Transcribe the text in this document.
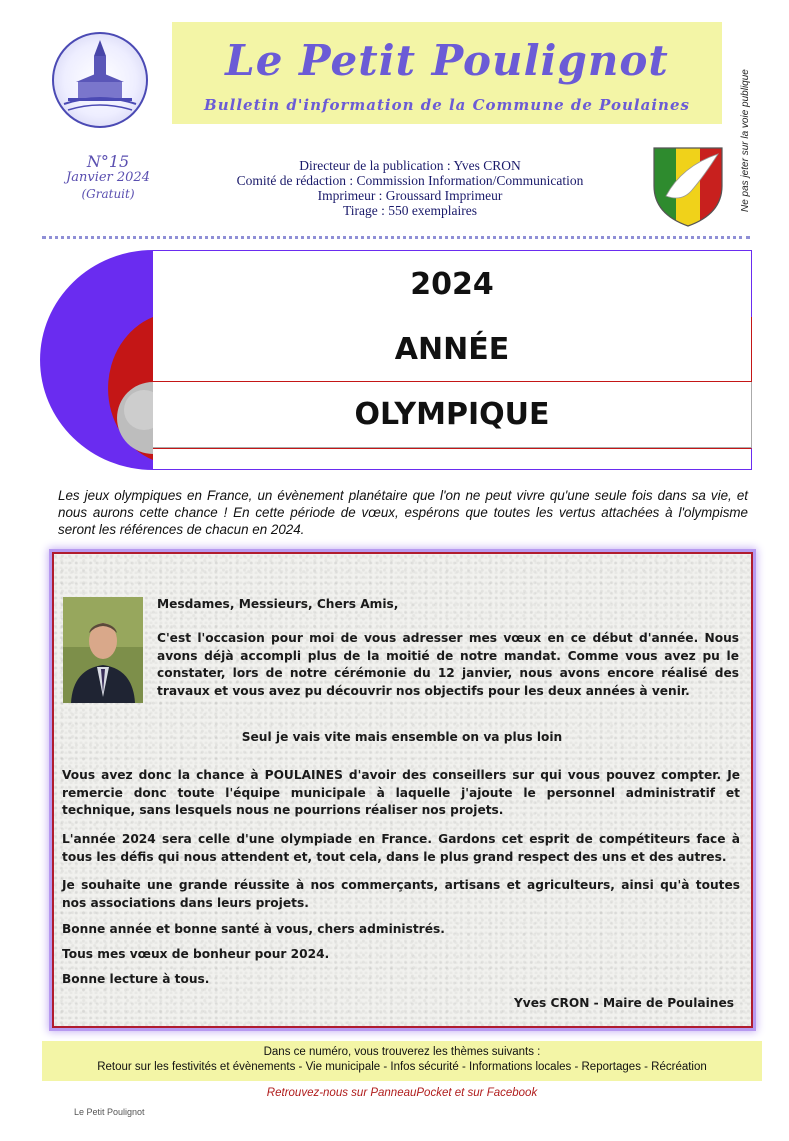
Le Petit Poulignot
Bulletin d'information de la Commune de Poulaines	Ne pas jeter sur la voie publique
N°15
Janvier 2024
(Gratuit)
Directeur de la publication : Yves CRON
Comité de rédaction : Commission Information/Communication
Imprimeur : Groussard Imprimeur
Tirage : 550 exemplaires
2024
ANNÉE
OLYMPIQUE
Les jeux olympiques en France, un évènement planétaire que l'on ne peut vivre qu'une seule fois dans sa vie, et nous aurons cette chance ! En cette période de vœux, espérons que toutes les vertus attachées à l'olympisme seront les références de chacun en 2024.
Mesdames, Messieurs, Chers Amis,
C'est l'occasion pour moi de vous adresser mes vœux en ce début d'année. Nous avons déjà accompli plus de la moitié de notre mandat. Comme vous avez pu le constater, lors de notre cérémonie du 12 janvier, nous avons encore réalisé des travaux et vous avez pu découvrir nos objectifs pour les deux années à venir.
Seul je vais vite mais ensemble on va plus loin
Vous avez donc la chance à POULAINES d'avoir des conseillers sur qui vous pouvez compter. Je remercie donc toute l'équipe municipale à laquelle j'ajoute le personnel administratif et technique, sans lesquels nous ne pourrions réaliser nos projets.
L'année 2024 sera celle d'une olympiade en France. Gardons cet esprit de compétiteurs face à tous les défis qui nous attendent et, tout cela, dans le plus grand respect des uns et des autres.
Je souhaite une grande réussite à nos commerçants, artisans et agriculteurs, ainsi qu'à toutes nos associations dans leurs projets.
Bonne année et bonne santé à vous, chers administrés.
Tous mes vœux de bonheur pour 2024.
Bonne lecture à tous.
Yves CRON - Maire de Poulaines
Dans ce numéro, vous trouverez les thèmes suivants :
Retour sur les festivités et évènements - Vie municipale - Infos sécurité - Informations locales - Reportages - Récréation
Retrouvez-nous sur PanneauPocket et sur Facebook
Le Petit Poulignot
